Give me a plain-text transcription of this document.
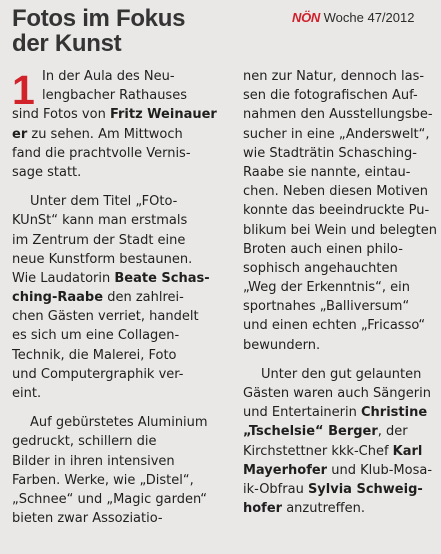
Fotos im Fokus
der Kunst
NÖN Woche 47/2012
1 In der Aula des Neu-
lengbacher Rathauses
sind Fotos von Fritz Weinauer
er zu sehen. Am Mittwoch
fand die prachtvolle Vernis-
sage statt.
Unter dem Titel „FOto-
KUnSt“ kann man erstmals
im Zentrum der Stadt eine
neue Kunstform bestaunen.
Wie Laudatorin Beate Schas-
ching-Raabe den zahlrei-
chen Gästen verriet, handelt
es sich um eine Collagen-
Technik, die Malerei, Foto
und Computergraphik ver-
eint.
Auf gebürstetes Aluminium
gedruckt, schillern die
Bilder in ihren intensiven
Farben. Werke, wie „Distel“,
„Schnee“ und „Magic garden“
bieten zwar Assoziatio-
nen zur Natur, dennoch las-
sen die fotografischen Auf-
nahmen den Ausstellungsbe-
sucher in eine „Anderswelt“,
wie Stadträtin Schasching-
Raabe sie nannte, eintau-
chen. Neben diesen Motiven
konnte das beeindruckte Pu-
blikum bei Wein und belegten
Broten auch einen philo-
sophisch angehauchten
„Weg der Erkenntnis“, ein
sportnahes „Balliversum“
und einen echten „Fricasso“
bewundern.
Unter den gut gelaunten
Gästen waren auch Sängerin
und Entertainerin Christine
„Tschelsie“ Berger, der
Kirchstettner kkk-Chef Karl
Mayerhofer und Klub-Mosa-
ik-Obfrau Sylvia Schweig-
hofer anzutreffen.
